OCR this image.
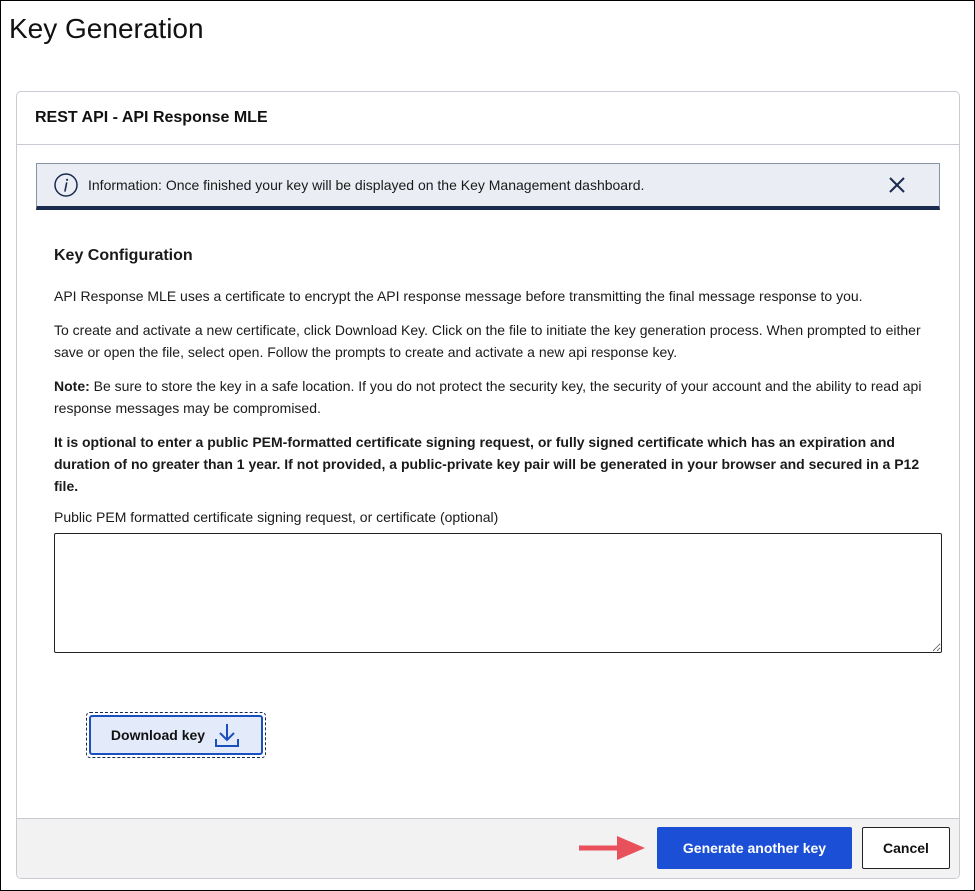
Key Generation
REST API - API Response MLE
Information: Once finished your key will be displayed on the Key Management dashboard.
Key Configuration

API Response MLE uses a certificate to encrypt the API response message before transmitting the final message response to you.

To create and activate a new certificate, click Download Key. Click on the file to initiate the key generation process. When prompted to either save or open the file, select open. Follow the prompts to create and activate a new api response key.

Note: Be sure to store the key in a safe location. If you do not protect the security key, the security of your account and the ability to read api response messages may be compromised.

It is optional to enter a public PEM-formatted certificate signing request, or fully signed certificate which has an expiration and duration of no greater than 1 year. If not provided, a public-private key pair will be generated in your browser and secured in a P12 file.

Public PEM formatted certificate signing request, or certificate (optional)
Download key
Generate another key	Cancel
